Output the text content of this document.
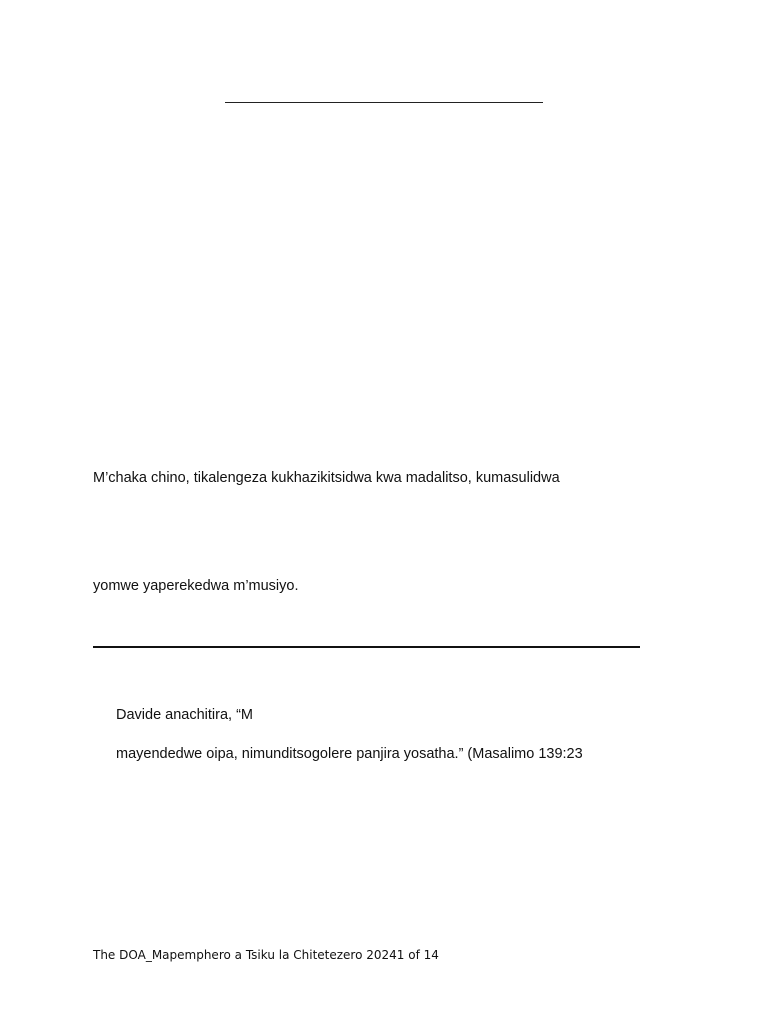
M’chaka chino, tikalengeza kukhazikitsidwa kwa madalitso, kumasulidwa

yomwe yaperekedwa m’musiyo.

Davide anachitira, “M

mayendedwe oipa, nimunditsogolere panjira yosatha.” (Masalimo 139:23

The DOA_Mapemphero a Tsiku la Chitetezero 20241 of 14
